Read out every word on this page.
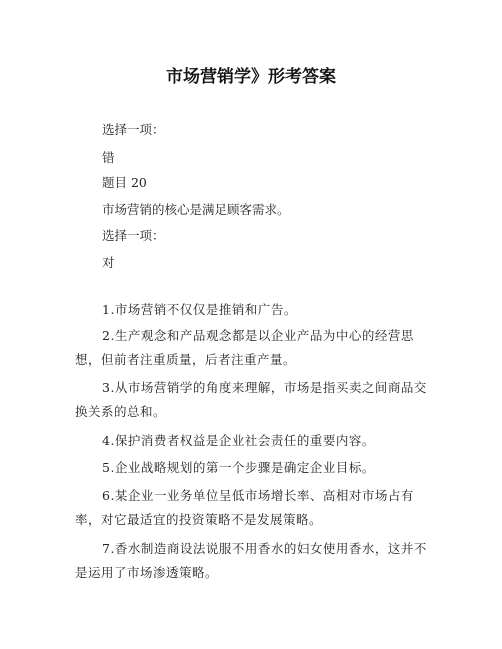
市场营销学》形考答案
选择一项：
错
题目 20
市场营销的核心是满足顾客需求。
选择一项：
对
1.市场营销不仅仅是推销和广告。
2.生产观念和产品观念都是以企业产品为中心的经营思想，但前者注重质量，后者注重产量。
3.从市场营销学的角度来理解，市场是指买卖之间商品交换关系的总和。
4.保护消费者权益是企业社会责任的重要内容。
5.企业战略规划的第一个步骤是确定企业目标。
6.某企业一业务单位呈低市场增长率、高相对市场占有率，对它最适宜的投资策略不是发展策略。
7.香水制造商设法说服不用香水的妇女使用香水，这并不是运用了市场渗透策略。
